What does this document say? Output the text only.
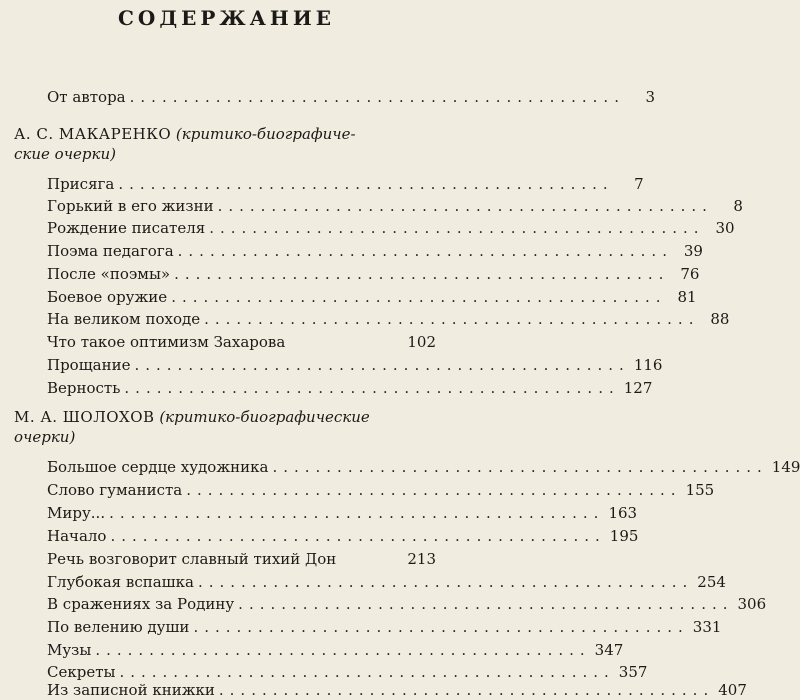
СОДЕРЖАНИЕ
От автора ..............................................	3
А. С. МАКАРЕНКО (критико-биографиче-
ские очерки)
Присяга ..............................................	7
Горький в его жизни ..............................................	8
Рождение писателя .............................................. 30
Поэма педагога .............................................. 39
После «поэмы» .............................................. 76
Боевое оружие .............................................. 81
На великом походе .............................................. 88
Что такое оптимизм Захарова	102
Прощание .............................................. 116
Верность .............................................. 127
М. А. ШОЛОХОВ (критико-биографические
очерки)
Большое сердце художника .............................................. 149
Слово гуманиста .............................................. 155
Миру... .............................................. 163
Начало .............................................. 195
Речь возговорит славный тихий Дон	213
Глубокая вспашка .............................................. 254
В сражениях за Родину .............................................. 306
По велению души .............................................. 331
Музы .............................................. 347
Секреты .............................................. 357
Из записной книжки .............................................. 407
